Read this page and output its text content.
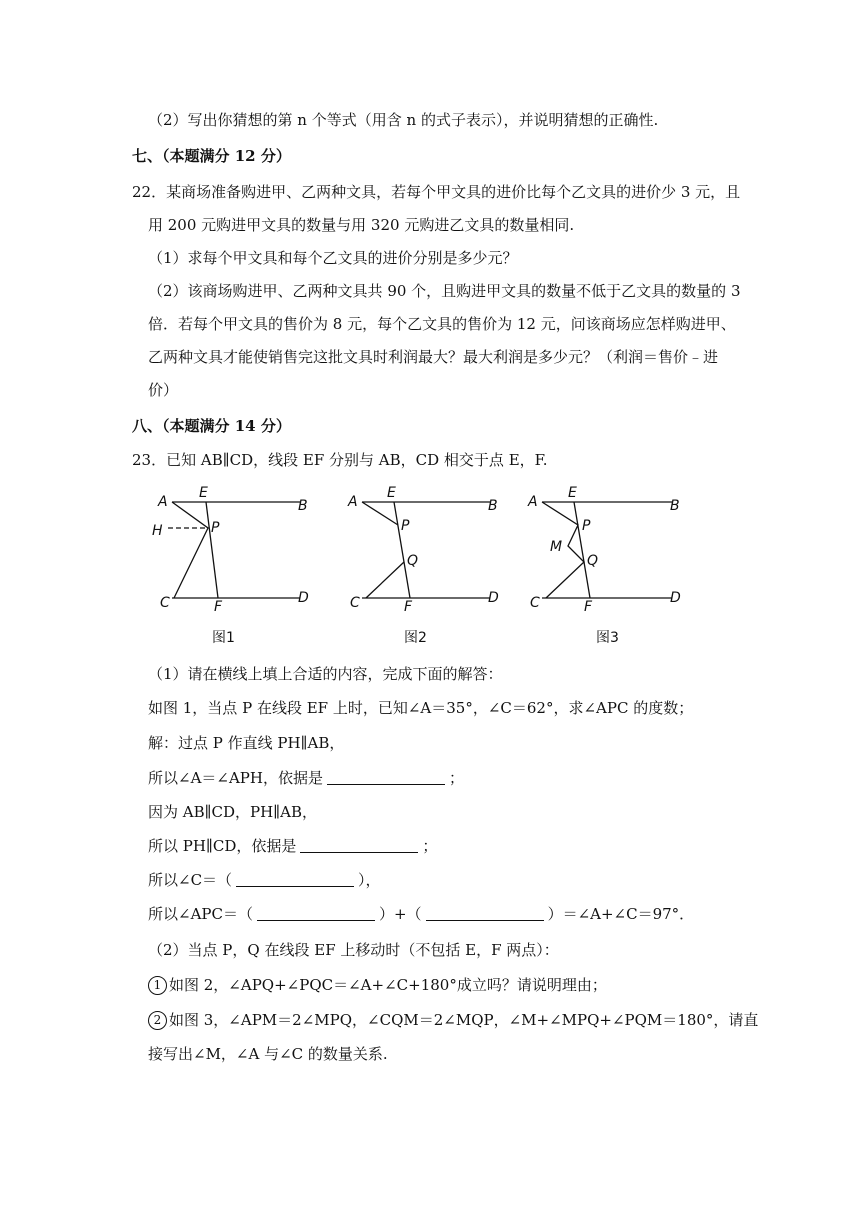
（2）写出你猜想的第 n 个等式（用含 n 的式子表示），并说明猜想的正确性.
七、（本题满分 12 分）
22．某商场准备购进甲、乙两种文具，若每个甲文具的进价比每个乙文具的进价少 3 元，且
用 200 元购进甲文具的数量与用 320 元购进乙文具的数量相同.
（1）求每个甲文具和每个乙文具的进价分别是多少元？
（2）该商场购进甲、乙两种文具共 90 个，且购进甲文具的数量不低于乙文具的数量的 3
倍．若每个甲文具的售价为 8 元，每个乙文具的售价为 12 元，问该商场应怎样购进甲、
乙两种文具才能使销售完这批文具时利润最大？最大利润是多少元？（利润＝售价﹣进
价）
八、（本题满分 14 分）
23．已知 AB∥CD，线段 EF 分别与 AB，CD 相交于点 E，F.
A
E
B
H	P
C	F
D
图1
A
E
B
P
Q
C	F
D
图2
A
E
B
P
M
Q
C	F
D
图3
（1）请在横线上填上合适的内容，完成下面的解答：
如图 1，当点 P 在线段 EF 上时，已知∠A＝35°，∠C＝62°，求∠APC 的度数；
解：过点 P 作直线 PH∥AB，
所以∠A＝∠APH，依据是	；
因为 AB∥CD，PH∥AB，
所以 PH∥CD，依据是	；
所以∠C＝（	），
所以∠APC＝（	）+（	）＝∠A+∠C＝97°．
（2）当点 P，Q 在线段 EF 上移动时（不包括 E，F 两点）：
1 如图 2，∠APQ+∠PQC＝∠A+∠C+180°成立吗？请说明理由；
2 如图 3，∠APM＝2∠MPQ，∠CQM＝2∠MQP，∠M+∠MPQ+∠PQM＝180°，请直
接写出∠M，∠A 与∠C 的数量关系.
